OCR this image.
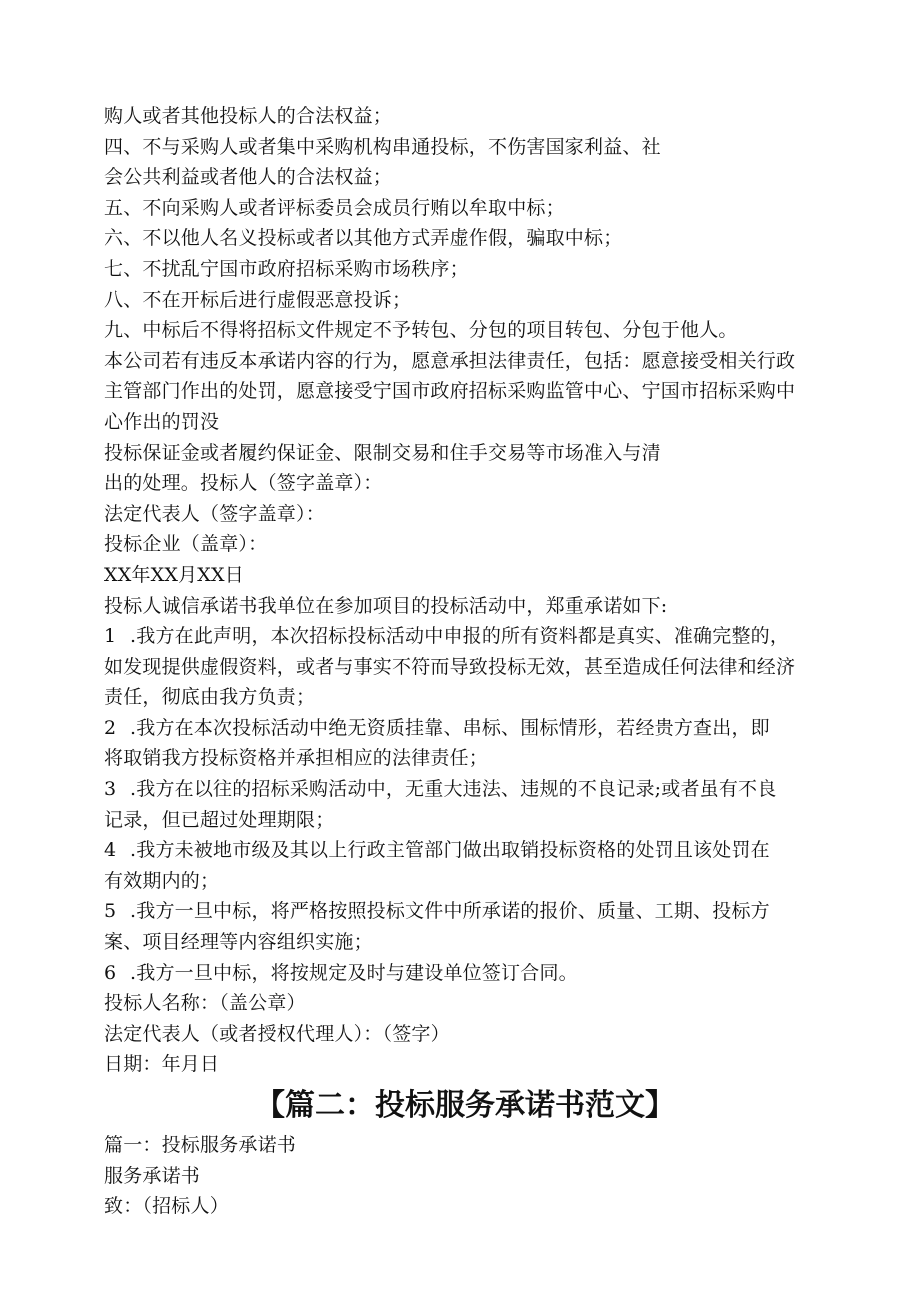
购人或者其他投标人的合法权益；
四、不与采购人或者集中采购机构串通投标，不伤害国家利益、社
会公共利益或者他人的合法权益；
五、不向采购人或者评标委员会成员行贿以牟取中标；
六、不以他人名义投标或者以其他方式弄虚作假，骗取中标；
七、不扰乱宁国市政府招标采购市场秩序；
八、不在开标后进行虚假恶意投诉；
九、中标后不得将招标文件规定不予转包、分包的项目转包、分包于他人。
本公司若有违反本承诺内容的行为，愿意承担法律责任，包括：愿意接受相关行政
主管部门作出的处罚，愿意接受宁国市政府招标采购监管中心、宁国市招标采购中
心作出的罚没
投标保证金或者履约保证金、限制交易和住手交易等市场准入与清
出的处理。投标人（签字盖章）：
法定代表人（签字盖章）：
投标企业（盖章）：
XX年XX月XX日
投标人诚信承诺书我单位在参加项目的投标活动中，郑重承诺如下:
1 .我方在此声明，本次招标投标活动中申报的所有资料都是真实、准确完整的，
如发现提供虚假资料，或者与事实不符而导致投标无效，甚至造成任何法律和经济
责任，彻底由我方负责；
2 .我方在本次投标活动中绝无资质挂靠、串标、围标情形，若经贵方查出，即
将取销我方投标资格并承担相应的法律责任；
3 .我方在以往的招标采购活动中，无重大违法、违规的不良记录;或者虽有不良
记录，但已超过处理期限；
4 .我方未被地市级及其以上行政主管部门做出取销投标资格的处罚且该处罚在
有效期内的；
5 .我方一旦中标，将严格按照投标文件中所承诺的报价、质量、工期、投标方
案、项目经理等内容组织实施；
6 .我方一旦中标，将按规定及时与建设单位签订合同。
投标人名称：（盖公章）
法定代表人（或者授权代理人）：（签字）
日期：年月日
【篇二：投标服务承诺书范文】
篇一：投标服务承诺书
服务承诺书
致：（招标人）
